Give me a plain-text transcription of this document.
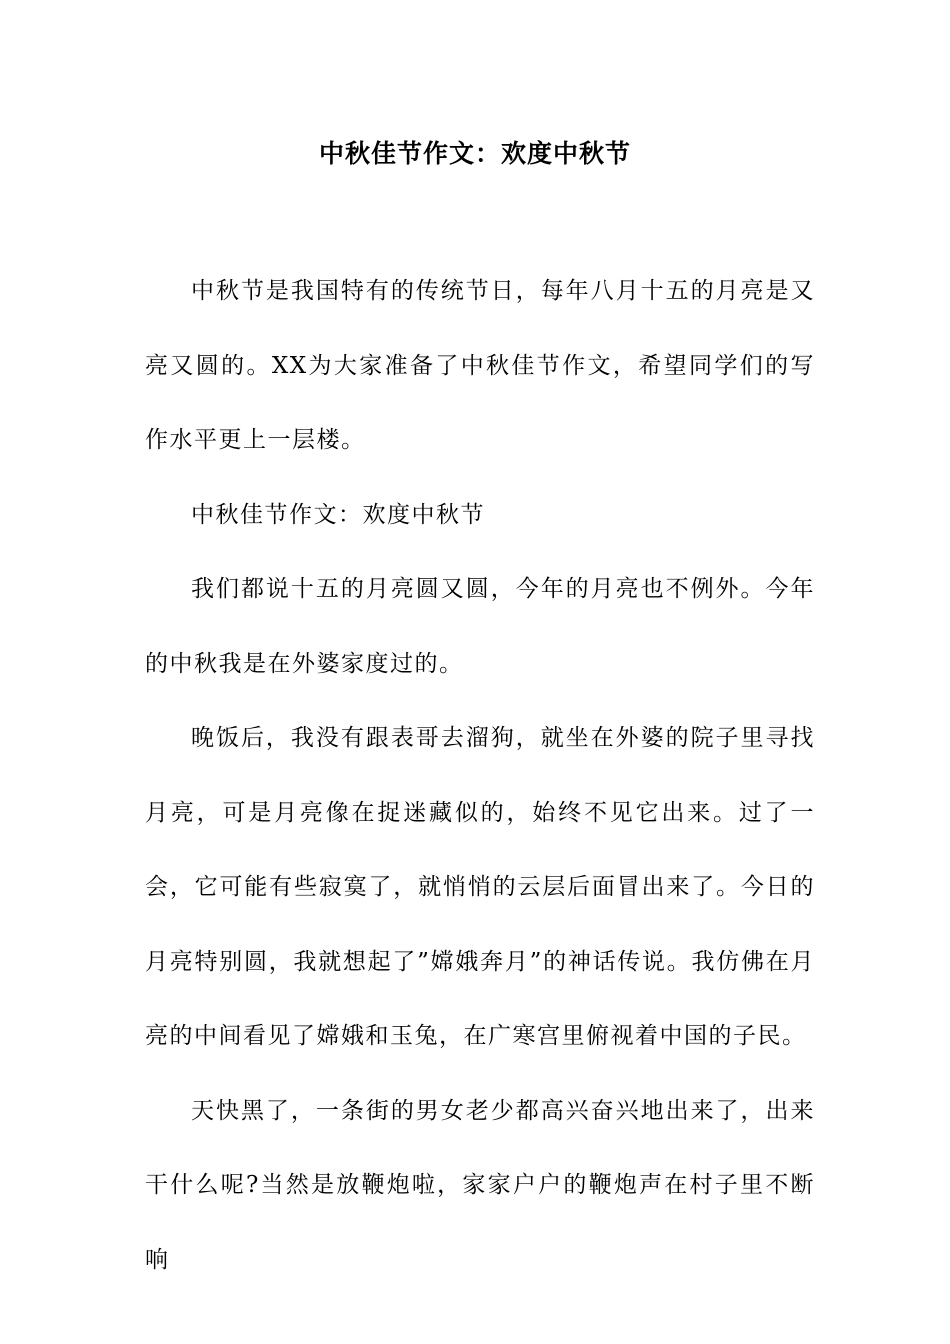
中秋佳节作文：欢度中秋节

中秋节是我国特有的传统节日，每年八月十五的月亮是又亮又圆的。XX为大家准备了中秋佳节作文，希望同学们的写作水平更上一层楼。

中秋佳节作文：欢度中秋节

我们都说十五的月亮圆又圆，今年的月亮也不例外。今年的中秋我是在外婆家度过的。

晚饭后，我没有跟表哥去溜狗，就坐在外婆的院子里寻找月亮，可是月亮像在捉迷藏似的，始终不见它出来。过了一会，它可能有些寂寞了，就悄悄的云层后面冒出来了。今日的月亮特别圆，我就想起了”嫦娥奔月”的神话传说。我仿佛在月亮的中间看见了嫦娥和玉兔，在广寒宫里俯视着中国的子民。

天快黑了，一条街的男女老少都高兴奋兴地出来了，出来干什么呢?当然是放鞭炮啦，家家户户的鞭炮声在村子里不断响
